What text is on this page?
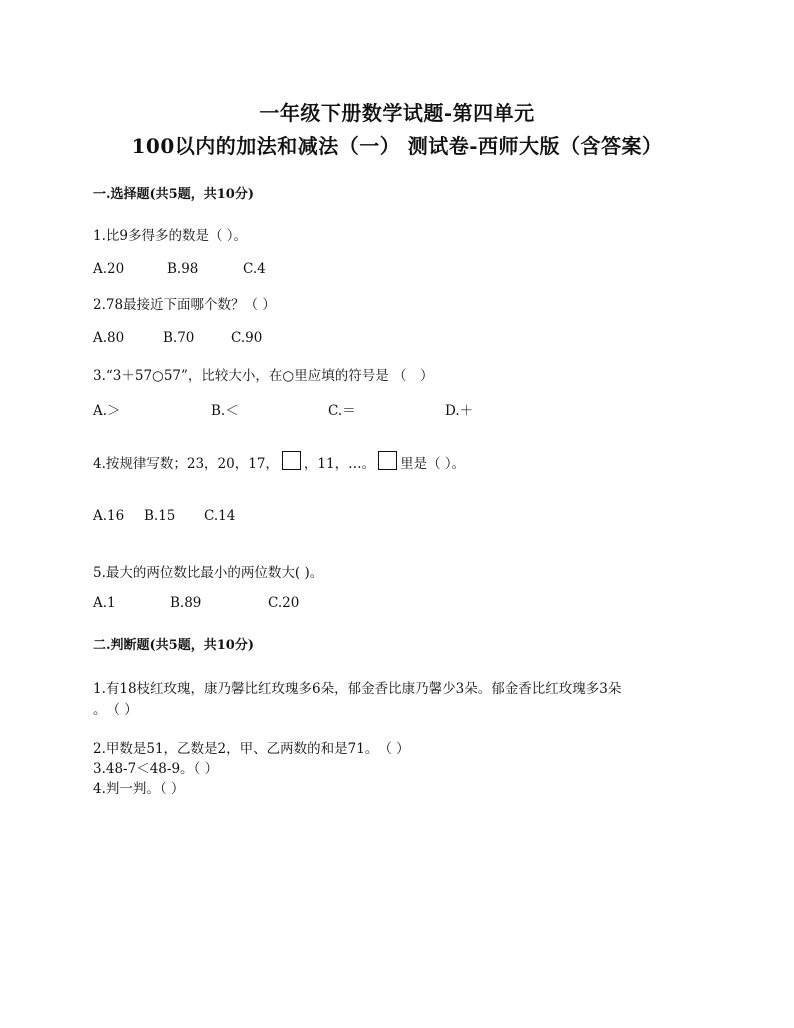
一年级下册数学试题-第四单元
100以内的加法和减法（一） 测试卷-西师大版（含答案）
一.选择题(共5题，共10分)
1.比9多得多的数是（ ）。
A.20	B.98	C.4
2.78最接近下面哪个数？（ ）
A.80	B.70	C.90
3.“3＋57○57”，比较大小，在○里应填的符号是 （　）
A.＞	B.＜	C.＝	D.＋
4.按规律写数；23，20，17， ，11，…。 里是（ ）。
A.16 B.15 C.14
5.最大的两位数比最小的两位数大( )。
A.1	B.89	C.20
二.判断题(共5题，共10分)
1.有18枝红玫瑰，康乃馨比红玫瑰多6朵，郁金香比康乃馨少3朵。郁金香比红玫瑰多3朵
。　（ ）
2.甲数是51，乙数是2，甲、乙两数的和是71。　（ ）
3.48-7＜48-9。（ ）
4.判一判。（ ）
